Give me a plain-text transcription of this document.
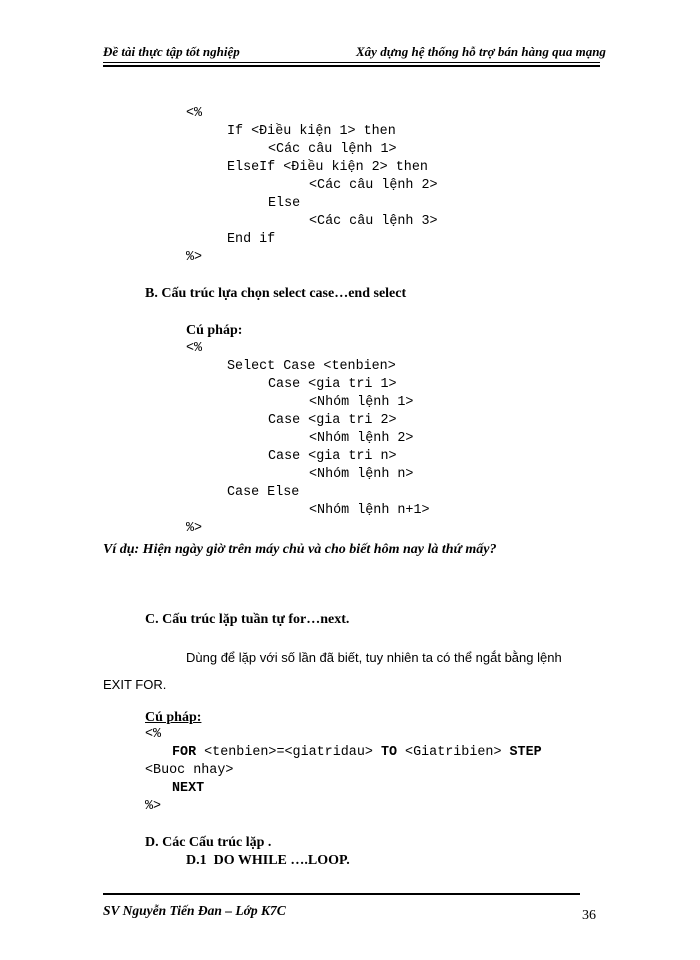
Đề tài thực tập tốt nghiệp	Xây dựng hệ thống hỗ trợ bán hàng qua mạng
<%
If <Điều kiện 1> then
<Các câu lệnh 1>
ElseIf <Điều kiện 2> then
<Các câu lệnh 2>
Else
<Các câu lệnh 3>
End if
%>
B. Cấu trúc lựa chọn select case…end select
Cú pháp:
<%
Select Case <tenbien>
Case <gia tri 1>
<Nhóm lệnh 1>
Case <gia tri 2>
<Nhóm lệnh 2>
Case <gia tri n>
<Nhóm lệnh n>
Case Else
<Nhóm lệnh n+1>
%>
Ví dụ: Hiện ngày giờ trên máy chủ và cho biết hôm nay là thứ mấy?
C. Cấu trúc lặp tuần tự for…next.
Dùng để lặp với số lần đã biết, tuy nhiên ta có thể ngắt bằng lệnh
EXIT FOR.
Cú pháp:
<%
FOR <tenbien>=<giatridau> TO <Giatribien> STEP
<Buoc nhay>
NEXT
%>
D. Các Cấu trúc lặp .
D.1  DO WHILE ….LOOP.
SV Nguyễn Tiến Đan – Lớp K7C	36
